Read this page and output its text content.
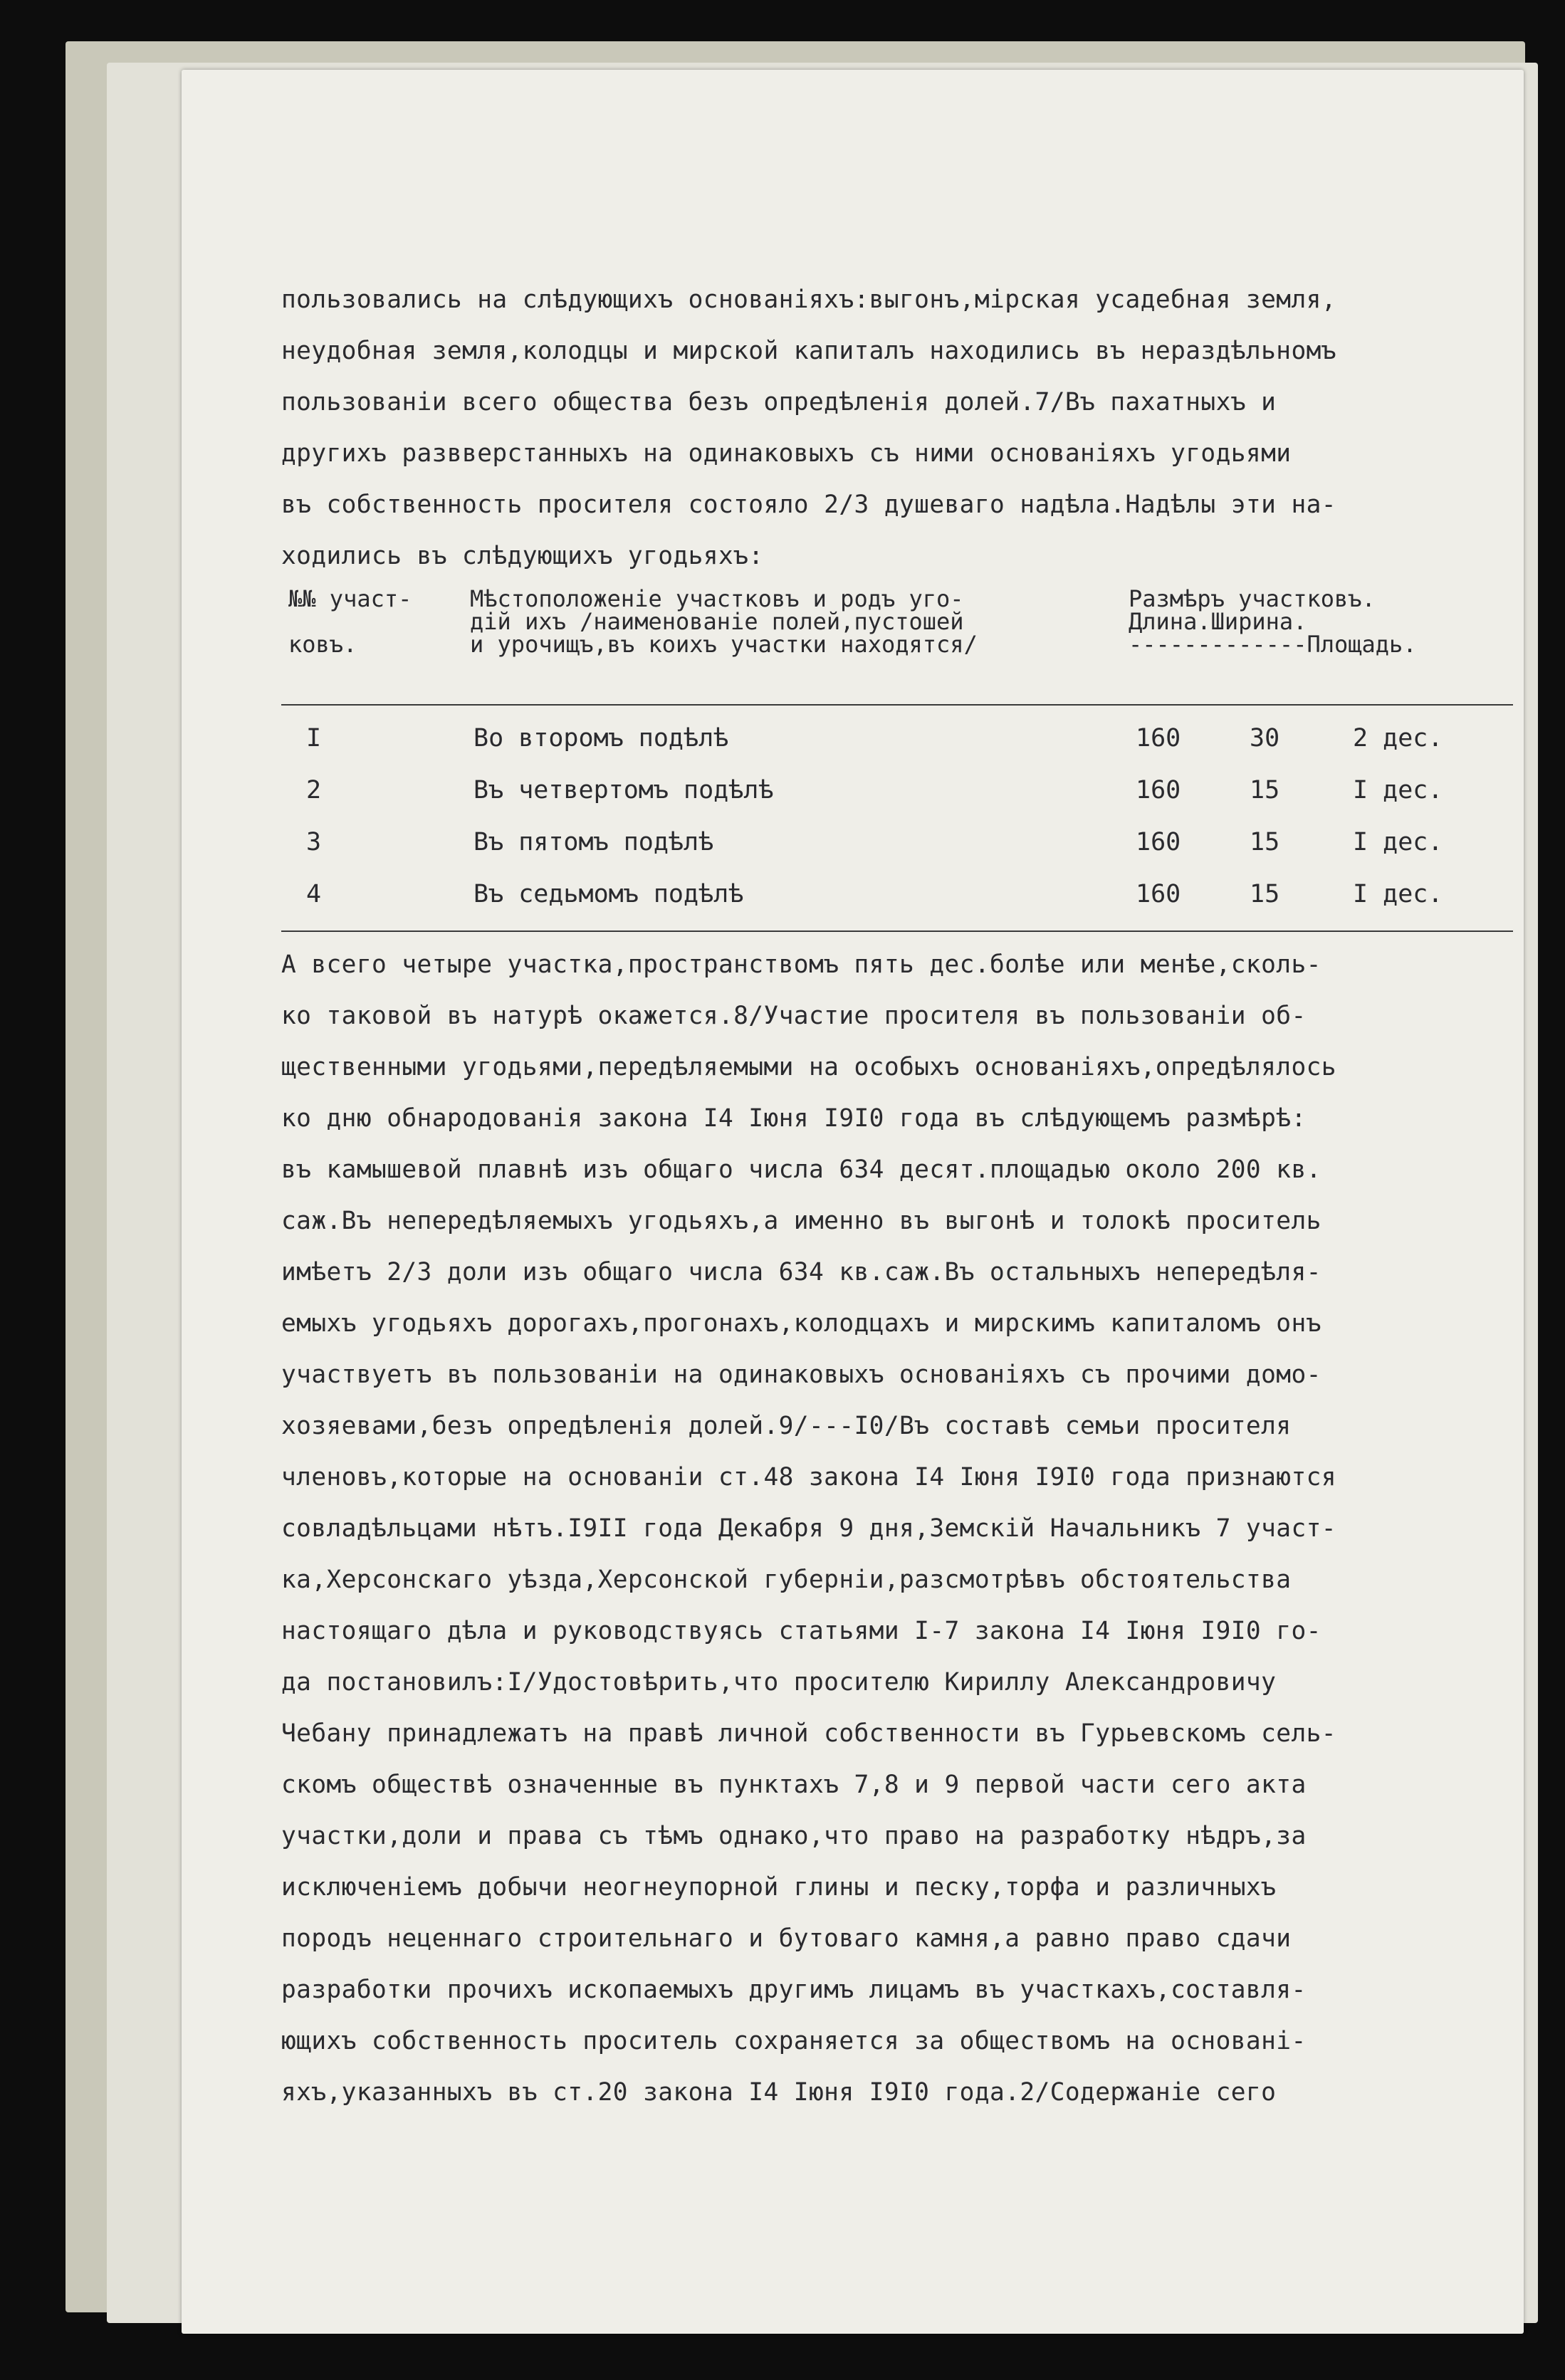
пользовались на слѣдующихъ основаніяхъ:выгонъ,мірская усадебная земля,
неудобная земля,колодцы и мирской капиталъ находились въ нераздѣльномъ
пользованіи всего общества безъ опредѣленія долей.7/Въ пахатныхъ и
другихъ развверстанныхъ на одинаковыхъ съ ними основаніяхъ угодьями
въ собственность просителя состояло 2/3 душеваго надѣла.Надѣлы эти на-
ходились въ слѣдующихъ угодьяхъ:

№№ участ-

ковъ.

Мѣстоположеніе участковъ и родъ уго-
дій ихъ /наименованіе полей,пустошей
и урочищъ,въ коихъ участки находятся/

Размѣръ участковъ.
Длина.Ширина.
-------------Площадь.

I	Во второмъ подѣлѣ	160	30	2 дес.
2	Въ четвертомъ подѣлѣ	160	15	I дес.
3	Въ пятомъ подѣлѣ	160	15	I дес.
4	Въ седьмомъ подѣлѣ	160	15	I дес.
А всего четыре участка,пространствомъ пять дес.болѣе или менѣе,сколь-
ко таковой въ натурѣ окажется.8/Участие просителя въ пользованіи об-
щественными угодьями,передѣляемыми на особыхъ основаніяхъ,опредѣлялось
ко дню обнародованія закона I4 Іюня I9I0 года въ слѣдующемъ размѣрѣ:
въ камышевой плавнѣ изъ общаго числа 634 десят.площадью около 200 кв.
саж.Въ непередѣляемыхъ угодьяхъ,а именно въ выгонѣ и толокѣ проситель
имѣетъ 2/3 доли изъ общаго числа 634 кв.саж.Въ остальныхъ непередѣля-
емыхъ угодьяхъ дорогахъ,прогонахъ,колодцахъ и мирскимъ капиталомъ онъ
участвуетъ въ пользованіи на одинаковыхъ основаніяхъ съ прочими домо-
хозяевами,безъ опредѣленія долей.9/---I0/Въ составѣ семьи просителя
членовъ,которые на основаніи ст.48 закона I4 Іюня I9I0 года признаются
совладѣльцами нѣтъ.I9II года Декабря 9 дня,Земскій Начальникъ 7 участ-
ка,Херсонскаго уѣзда,Херсонской губерніи,разсмотрѣвъ обстоятельства
настоящаго дѣла и руководствуясь статьями I-7 закона I4 Іюня I9I0 го-
да постановилъ:I/Удостовѣрить,что просителю Кириллу Александровичу
Чебану принадлежатъ на правѣ личной собственности въ Гурьевскомъ сель-
скомъ обществѣ означенные въ пунктахъ 7,8 и 9 первой части сего акта
участки,доли и права съ тѣмъ однако,что право на разработку нѣдръ,за
исключеніемъ добычи неогнеупорной глины и песку,торфа и различныхъ
породъ неценнаго строительнаго и бутоваго камня,а равно право сдачи
разработки прочихъ ископаемыхъ другимъ лицамъ въ участкахъ,составля-
ющихъ собственность проситель сохраняется за обществомъ на основані-
яхъ,указанныхъ въ ст.20 закона I4 Іюня I9I0 года.2/Содержаніе сего
